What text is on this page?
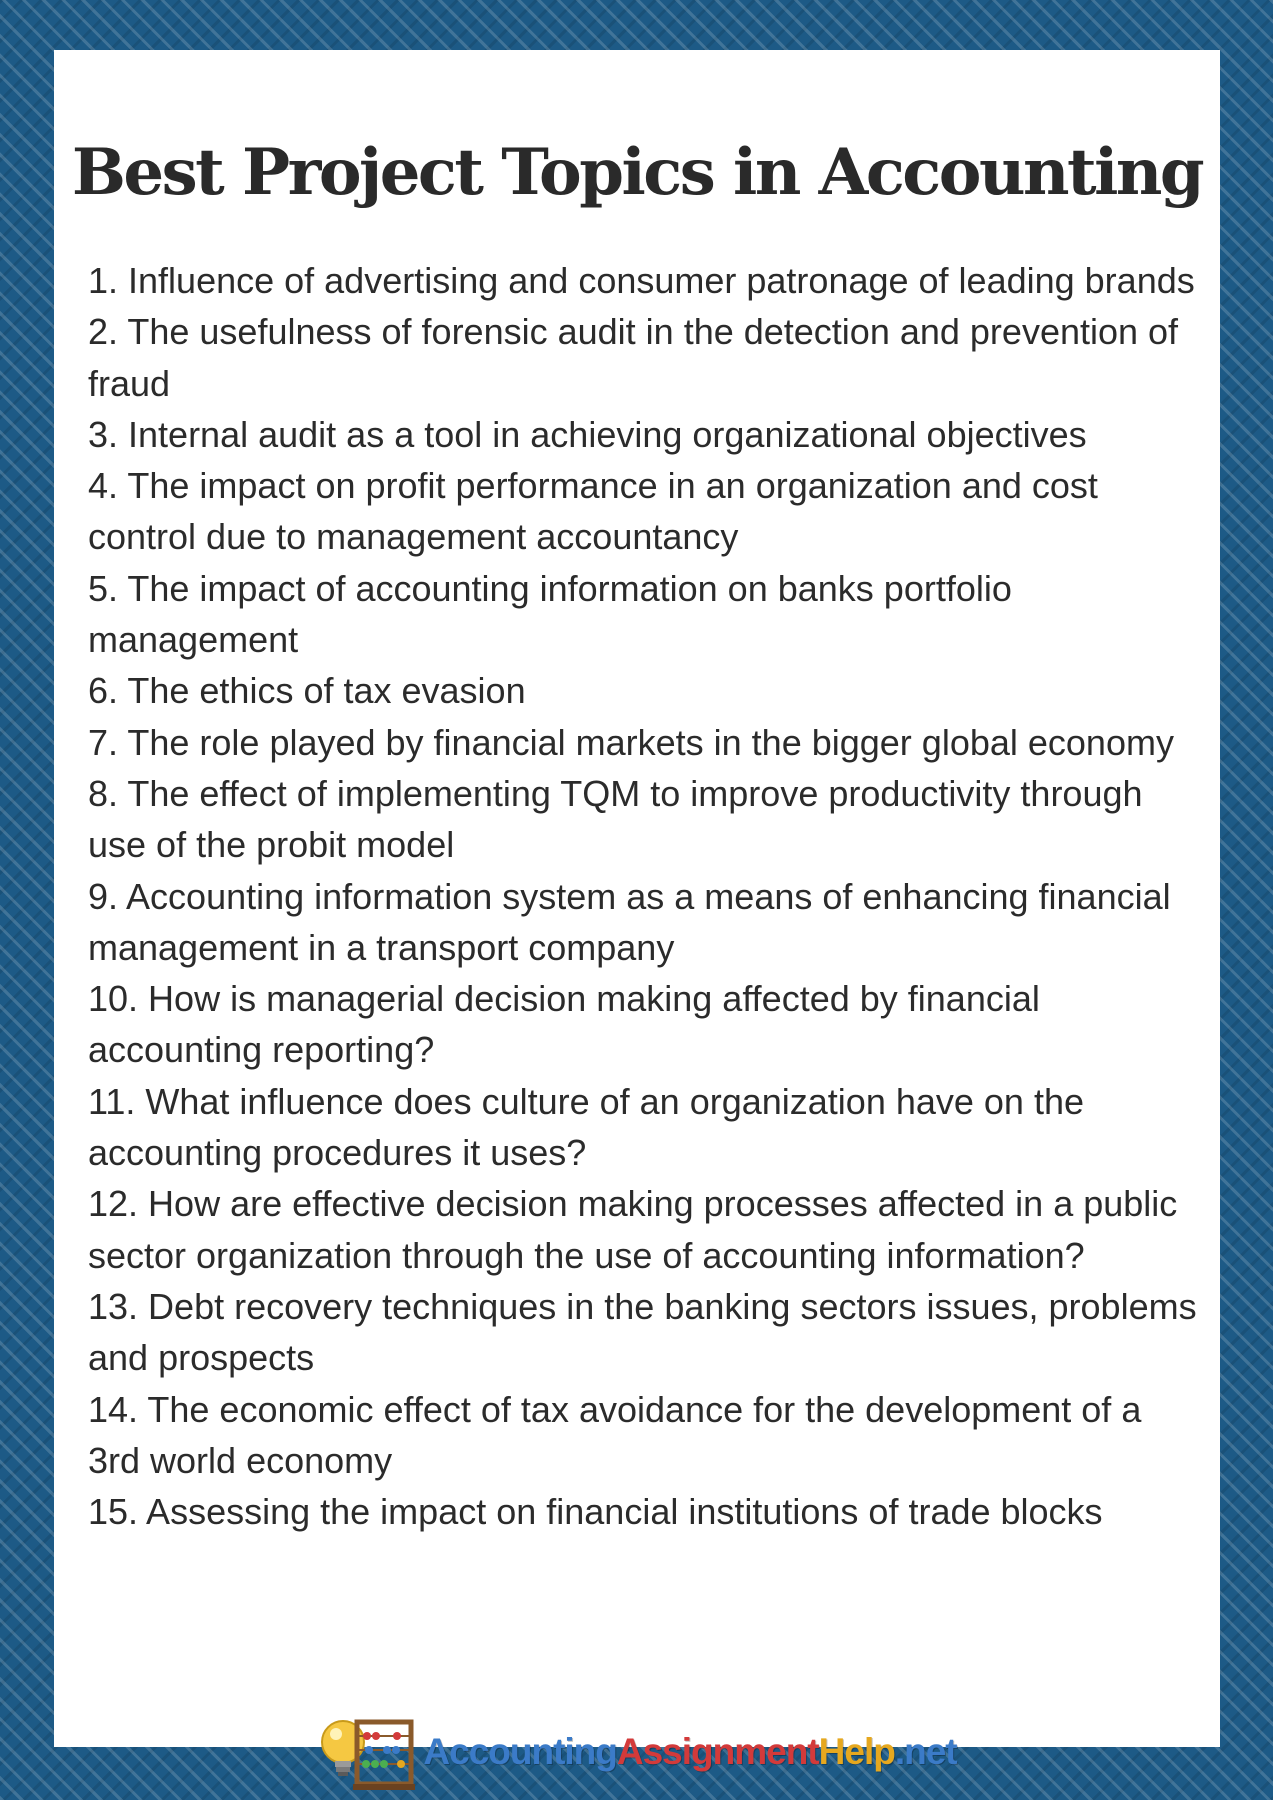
Best Project Topics in Accounting
1. Influence of advertising and consumer patronage of leading brands
2. The usefulness of forensic audit in the detection and prevention of fraud
3. Internal audit as a tool in achieving organizational objectives
4. The impact on profit performance in an organization and cost control due to management accountancy
5. The impact of accounting information on banks portfolio management
6. The ethics of tax evasion
7. The role played by financial markets in the bigger global economy
8. The effect of implementing TQM to improve productivity through use of the probit model
9. Accounting information system as a means of enhancing financial management in a transport company
10. How is managerial decision making affected by financial accounting reporting?
11. What influence does culture of an organization have on the accounting procedures it uses?
12. How are effective decision making processes affected in a public sector organization through the use of accounting information?
13. Debt recovery techniques in the banking sectors issues, problems and prospects
14. The economic effect of tax avoidance for the development of a 3rd world economy
15. Assessing the impact on financial institutions of trade blocks
AccountingAssignmentHelp.net
